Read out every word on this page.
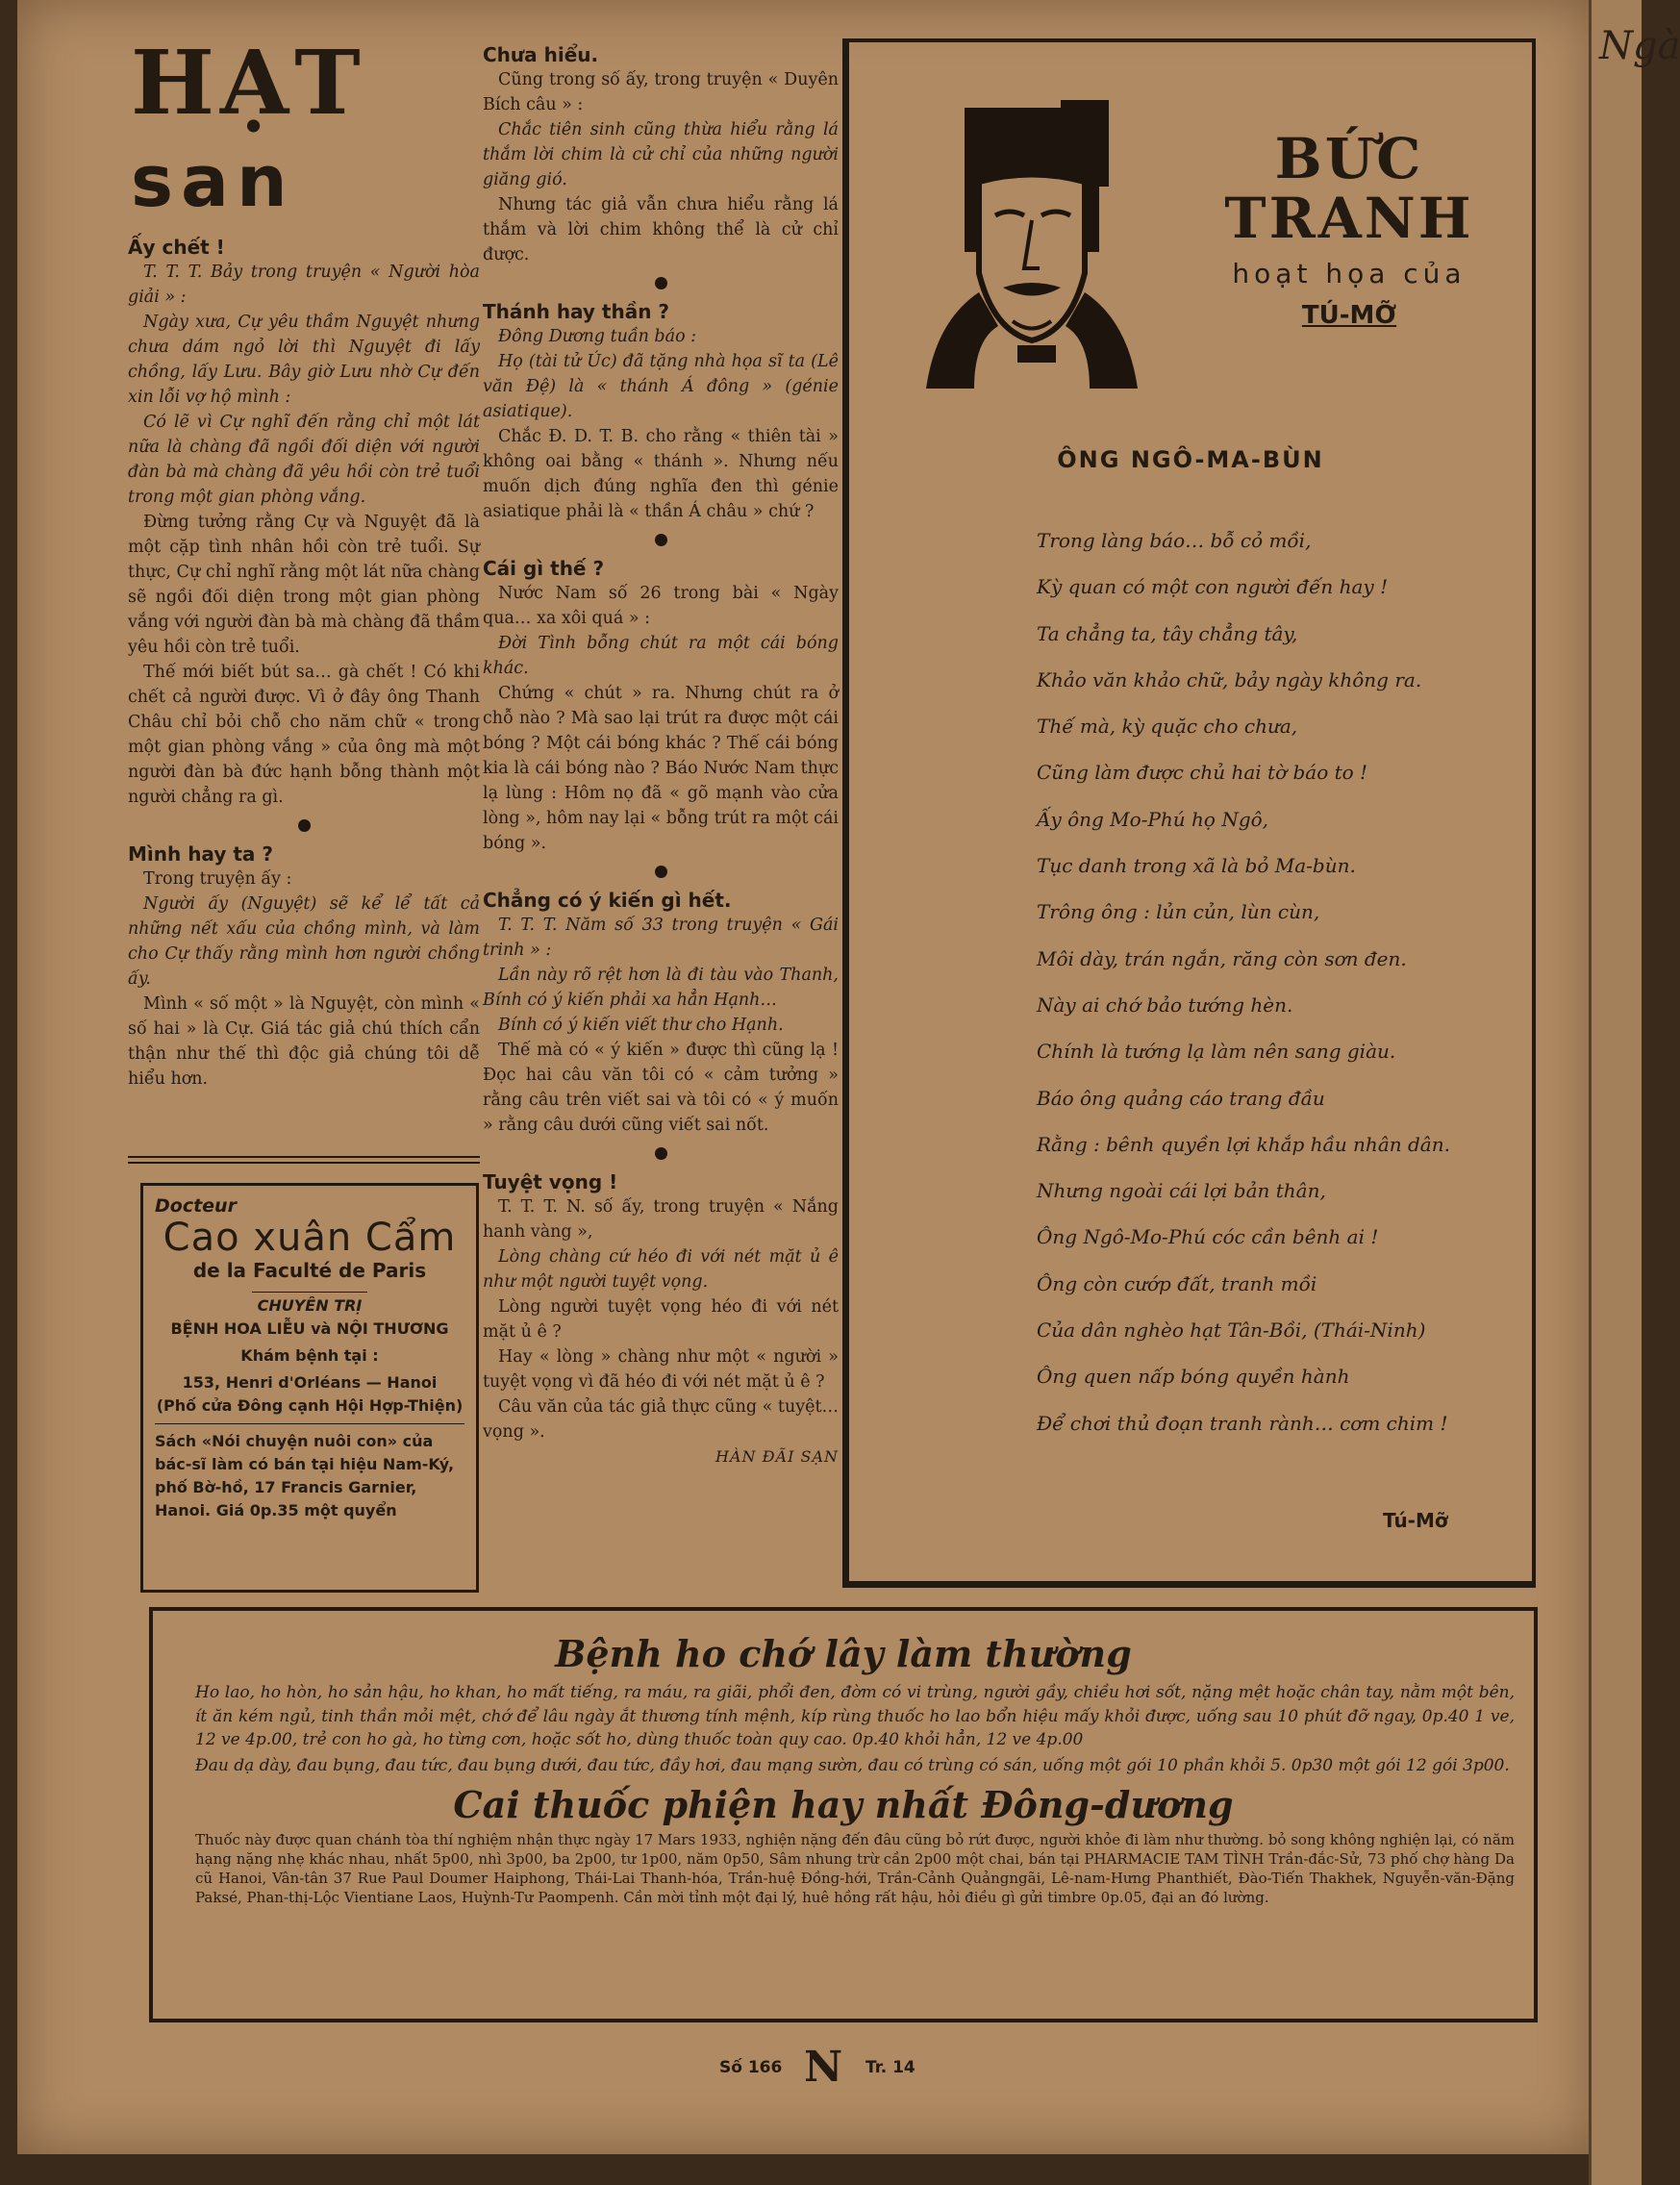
HẠT
san

Ấy chết !

T. T. T. Bảy trong truyện « Người hòa giải » :

Ngày xưa, Cự yêu thầm Nguyệt nhưng chưa dám ngỏ lời thì Nguyệt đi lấy chồng, lấy Lưu. Bây giờ Lưu nhờ Cự đến xin lỗi vợ hộ mình :

Có lẽ vì Cự nghĩ đến rằng chỉ một lát nữa là chàng đã ngồi đối diện với người đàn bà mà chàng đã yêu hồi còn trẻ tuổi trong một gian phòng vắng.

Đừng tưởng rằng Cự và Nguyệt đã là một cặp tình nhân hồi còn trẻ tuổi. Sự thực, Cự chỉ nghĩ rằng một lát nữa chàng sẽ ngồi đối diện trong một gian phòng vắng với người đàn bà mà chàng đã thầm yêu hồi còn trẻ tuổi.

Thế mới biết bút sa… gà chết ! Có khi chết cả người được. Vì ở đây ông Thanh Châu chỉ bỏi chỗ cho năm chữ « trong một gian phòng vắng » của ông mà một người đàn bà đức hạnh bỗng thành một người chẳng ra gì.

Mình hay ta ?

Trong truyện ấy :

Người ấy (Nguyệt) sẽ kể lể tất cả những nết xấu của chồng mình, và làm cho Cự thấy rằng mình hơn người chồng ấy.

Mình « số một » là Nguyệt, còn mình « số hai » là Cự. Giá tác giả chú thích cẩn thận như thế thì độc giả chúng tôi dễ hiểu hơn.

Docteur
Cao xuân Cẩm
de la Faculté de Paris
CHUYÊN TRỊ
BỆNH HOA LIỄU và NỘI THƯƠNG
Khám bệnh tại :
153, Henri d'Orléans — Hanoi
(Phố cửa Đông cạnh Hội Hợp-Thiện)
Sách «Nói chuyện nuôi con» của bác-sĩ làm có bán tại hiệu Nam-Ký, phố Bờ-hồ, 17 Francis Garnier, Hanoi. Giá 0p.35 một quyển

Chưa hiểu.

Cũng trong số ấy, trong truyện « Duyên Bích câu » :

Chắc tiên sinh cũng thừa hiểu rằng lá thắm lời chim là cử chỉ của những người giăng gió.

Nhưng tác giả vẫn chưa hiểu rằng lá thắm và lời chim không thể là cử chỉ được.

Thánh hay thần ?

Đông Dương tuần báo :

Họ (tài tử Úc) đã tặng nhà họa sĩ ta (Lê văn Đệ) là « thánh Á đông » (génie asiatique).

Chắc Đ. D. T. B. cho rằng « thiên tài » không oai bằng « thánh ». Nhưng nếu muốn dịch đúng nghĩa đen thì génie asiatique phải là « thần Á châu » chứ ?

Cái gì thế ?

Nước Nam số 26 trong bài « Ngày qua… xa xôi quá » :

Đời Tình bỗng chút ra một cái bóng khác.

Chứng « chút » ra. Nhưng chút ra ở chỗ nào ? Mà sao lại trút ra được một cái bóng ? Một cái bóng khác ? Thế cái bóng kia là cái bóng nào ? Báo Nước Nam thực lạ lùng : Hôm nọ đã « gõ mạnh vào cửa lòng », hôm nay lại « bỗng trút ra một cái bóng ».

Chẳng có ý kiến gì hết.

T. T. T. Năm số 33 trong truyện « Gái trinh » :

Lần này rõ rệt hơn là đi tàu vào Thanh, Bính có ý kiến phải xa hẳn Hạnh…

Bính có ý kiến viết thư cho Hạnh.

Thế mà có « ý kiến » được thì cũng lạ ! Đọc hai câu văn tôi có « cảm tưởng » rằng câu trên viết sai và tôi có « ý muốn » rằng câu dưới cũng viết sai nốt.

Tuyệt vọng !

T. T. T. N. số ấy, trong truyện « Nắng hanh vàng »,

Lòng chàng cứ héo đi với nét mặt ủ ê như một người tuyệt vọng.

Lòng người tuyệt vọng héo đi với nét mặt ủ ê ?

Hay « lòng » chàng như một « người » tuyệt vọng vì đã héo đi với nét mặt ủ ê ?

Câu văn của tác giả thực cũng « tuyệt… vọng ».

HÀN ĐÃI SẠN

BỨC
TRANH
hoạt họa của
TÚ-MỠ
ÔNG NGÔ-MA-BÙN
Trong làng báo… bỗ cỏ mồi,
Kỳ quan có một con người đến hay !
Ta chẳng ta, tây chẳng tây,
Khảo văn khảo chữ, bảy ngày không ra.
Thế mà, kỳ quặc cho chưa,
Cũng làm được chủ hai tờ báo to !
Ấy ông Mo-Phú họ Ngô,
Tục danh trong xã là bỏ Ma-bùn.
Trông ông : lủn củn, lùn cùn,
Môi dày, trán ngắn, răng còn sơn đen.
Này ai chớ bảo tướng hèn.
Chính là tướng lạ làm nên sang giàu.
Báo ông quảng cáo trang đầu
Rằng : bênh quyền lợi khắp hầu nhân dân.
Nhưng ngoài cái lợi bản thân,
Ông Ngô-Mo-Phú cóc cần bênh ai !
Ông còn cướp đất, tranh mồi
Của dân nghèo hạt Tân-Bồi, (Thái-Ninh)
Ông quen nấp bóng quyền hành
Để chơi thủ đoạn tranh rành… cơm chim !
Tú-Mỡ
Bệnh ho chớ lây làm thường
Ho lao, ho hòn, ho sản hậu, ho khan, ho mất tiếng, ra máu, ra giãi, phổi đen, đờm có vi trùng, người gầy, chiều hơi sốt, nặng mệt hoặc chân tay, nằm một bên, ít ăn kém ngủ, tinh thần mỏi mệt, chớ để lâu ngày ắt thương tính mệnh, kíp rùng thuốc ho lao bổn hiệu mấy khỏi được, uống sau 10 phút đỡ ngay, 0p.40 1 ve, 12 ve 4p.00, trẻ con ho gà, ho từng cơn, hoặc sốt ho, dùng thuốc toàn quy cao. 0p.40 khỏi hẳn, 12 ve 4p.00
Đau dạ dày, đau bụng, đau tức, đau bụng dưới, đau tức, đầy hơi, đau mạng sườn, đau có trùng có sán, uống một gói 10 phần khỏi 5. 0p30 một gói 12 gói 3p00.
Cai thuốc phiện hay nhất Đông-dương
Thuốc này được quan chánh tòa thí nghiệm nhận thực ngày 17 Mars 1933, nghiện nặng đến đâu cũng bỏ rứt được, người khỏe đi làm như thường. bỏ song không nghiện lại, có năm hạng nặng nhẹ khác nhau, nhất 5p00, nhì 3p00, ba 2p00, tư 1p00, năm 0p50, Sâm nhung trừ cần 2p00 một chai, bán tại PHARMACIE TAM TÌNH Trần-đắc-Sử, 73 phố chợ hàng Da cũ Hanoi, Vân-tân 37 Rue Paul Doumer Haiphong, Thái-Lai Thanh-hóa, Trần-huệ Đồng-hới, Trần-Cảnh Quảngngãi, Lê-nam-Hưng Phanthiết, Đào-Tiến Thakhek, Nguyễn-văn-Đặng Paksé, Phan-thị-Lộc Vientiane Laos, Huỳnh-Tư Paompenh. Cần mời tỉnh một đại lý, huê hồng rất hậu, hỏi điều gì gửi timbre 0p.05, đại an đó lường.
Số 166 N Tr. 14
Ngà
